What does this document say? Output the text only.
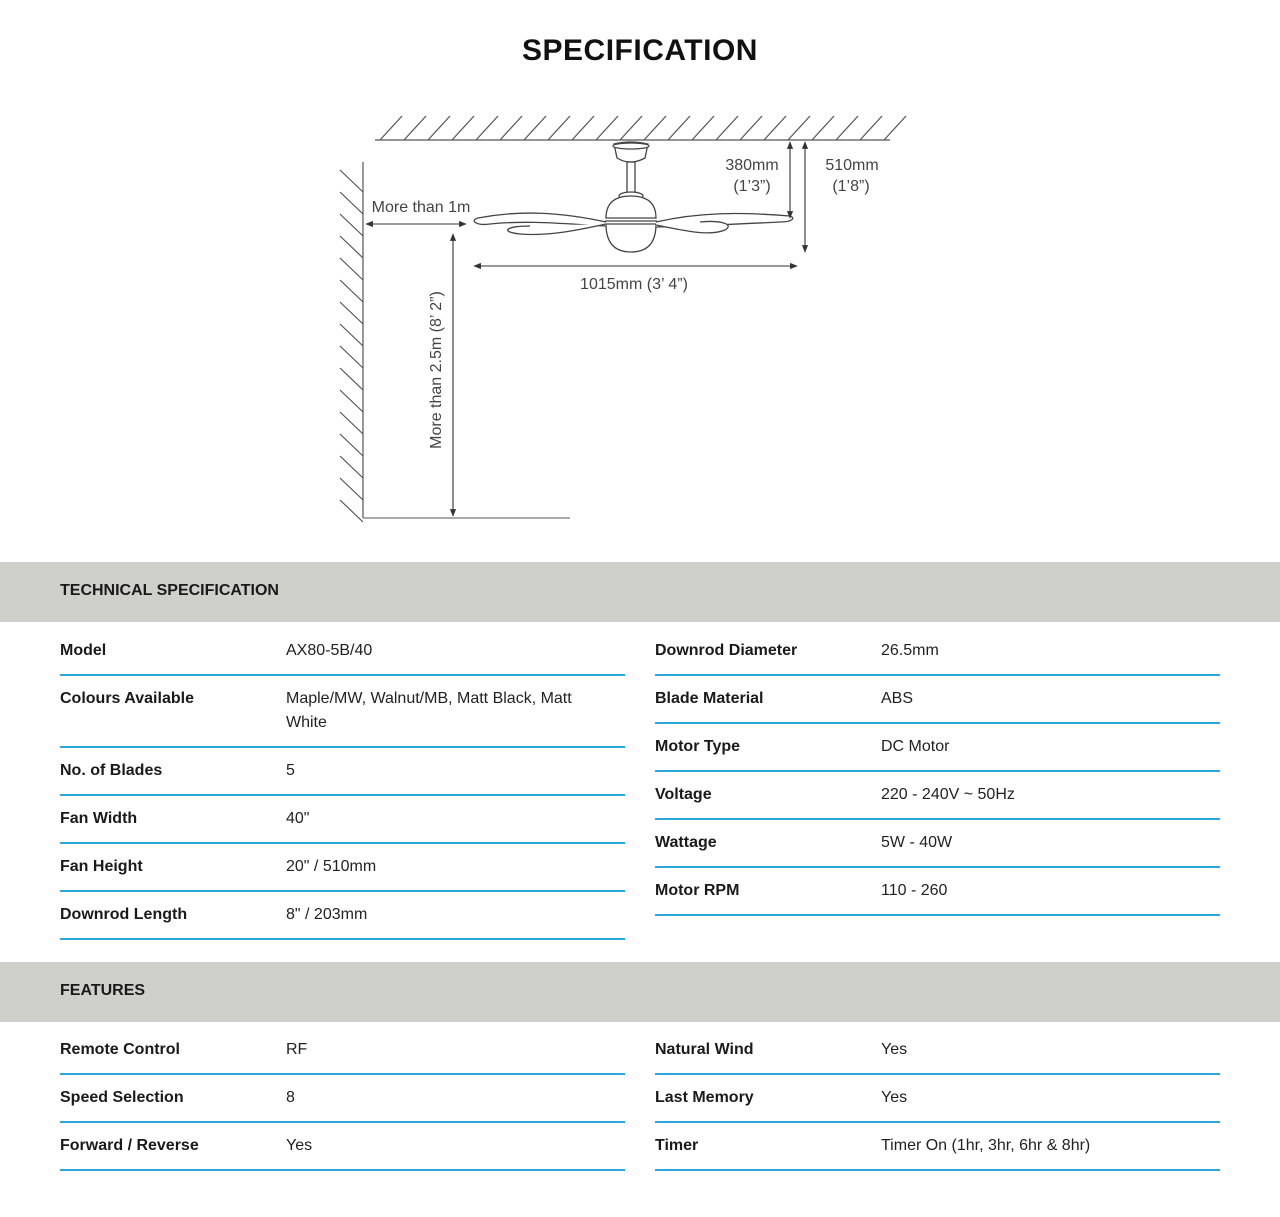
SPECIFICATION
380mm
(1’3”)
510mm
(1’8”)
More than 1m
1015mm (3’ 4”)
More than 2.5m (8’ 2”)
TECHNICAL SPECIFICATION
Model	AX80-5B/40
Colours Available	Maple/MW, Walnut/MB, Matt Black, Matt White
No. of Blades	5
Fan Width	40"
Fan Height	20" / 510mm
Downrod Length	8" / 203mm
Downrod Diameter	26.5mm
Blade Material	ABS
Motor Type	DC Motor
Voltage	220 - 240V ~ 50Hz
Wattage	5W - 40W
Motor RPM	110 - 260
FEATURES
Remote Control	RF
Speed Selection	8
Forward / Reverse	Yes
Natural Wind	Yes
Last Memory	Yes
Timer	Timer On (1hr, 3hr, 6hr & 8hr)
